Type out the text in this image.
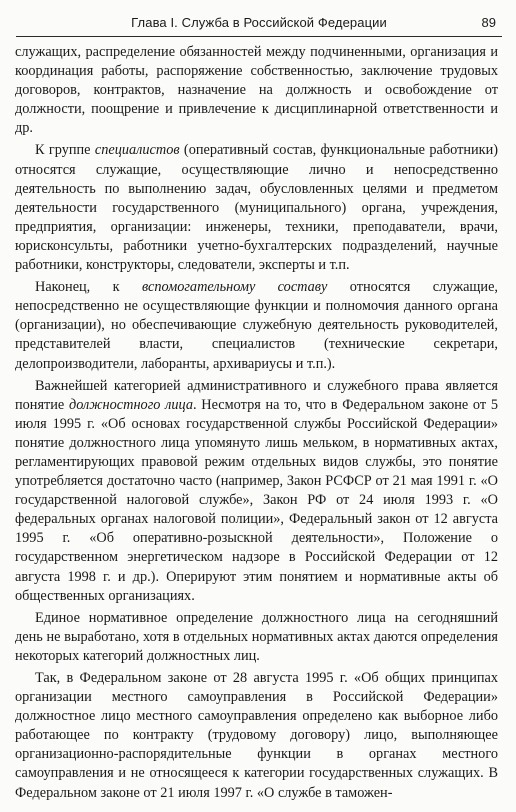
Глава I. Служба в Российской Федерации	89

служащих, распределение обязанностей между подчиненными, организация и координация работы, распоряжение собственностью, заключение трудовых договоров, контрактов, назначение на должность и освобождение от должности, поощрение и привлечение к дисциплинарной ответственности и др.

К группе специалистов (оперативный состав, функциональные работники) относятся служащие, осуществляющие лично и непосредственно деятельность по выполнению задач, обусловленных целями и предметом деятельности государственного (муниципального) органа, учреждения, предприятия, организации: инженеры, техники, преподаватели, врачи, юрисконсульты, работники учетно-бухгалтерских подразделений, научные работники, конструкторы, следователи, эксперты и т.п.

Наконец, к вспомогательному составу относятся служащие, непосредственно не осуществляющие функции и полномочия данного органа (организации), но обеспечивающие служебную деятельность руководителей, представителей власти, специалистов (технические секретари, делопроизводители, лаборанты, архивариусы и т.п.).

Важнейшей категорией административного и служебного права является понятие должностного лица. Несмотря на то, что в Федеральном законе от 5 июля 1995 г. «Об основах государственной службы Российской Федерации» понятие должностного лица упомянуто лишь мельком, в нормативных актах, регламентирующих правовой режим отдельных видов службы, это понятие употребляется достаточно часто (например, Закон РСФСР от 21 мая 1991 г. «О государственной налоговой службе», Закон РФ от 24 июля 1993 г. «О федеральных органах налоговой полиции», Федеральный закон от 12 августа 1995 г. «Об оперативно-розыскной деятельности», Положение о государственном энергетическом надзоре в Российской Федерации от 12 августа 1998 г. и др.). Оперируют этим понятием и нормативные акты об общественных организациях.

Единое нормативное определение должностного лица на сегодняшний день не выработано, хотя в отдельных нормативных актах даются определения некоторых категорий должностных лиц.

Так, в Федеральном законе от 28 августа 1995 г. «Об общих принципах организации местного самоуправления в Российской Федерации» должностное лицо местного самоуправления определено как выборное либо работающее по контракту (трудовому договору) лицо, выполняющее организационно-распорядительные функции в органах местного самоуправления и не относящееся к категории государственных служащих. В Федеральном законе от 21 июля 1997 г. «О службе в таможен-
